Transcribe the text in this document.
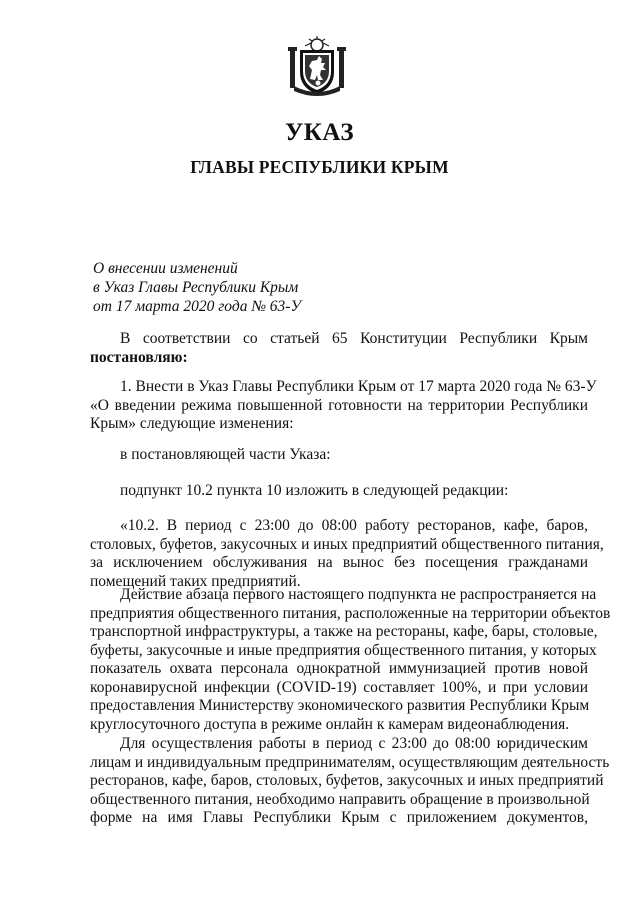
УКАЗ
ГЛАВЫ РЕСПУБЛИКИ КРЫМ
О внесении изменений
в Указ Главы Республики Крым
от 17 марта 2020 года № 63-У
В соответствии со статьей 65 Конституции Республики Крым
постановляю:
1. Внести в Указ Главы Республики Крым от 17 марта 2020 года № 63-У
«О введении режима повышенной готовности на территории Республики
Крым» следующие изменения:
в постановляющей части Указа:
подпункт 10.2 пункта 10 изложить в следующей редакции:
«10.2. В период с 23:00 до 08:00 работу ресторанов, кафе, баров,
столовых, буфетов, закусочных и иных предприятий общественного питания,
за исключением обслуживания на вынос без посещения гражданами
помещений таких предприятий.
Действие абзаца первого настоящего подпункта не распространяется на
предприятия общественного питания, расположенные на территории объектов
транспортной инфраструктуры, а также на рестораны, кафе, бары, столовые,
буфеты, закусочные и иные предприятия общественного питания, у которых
показатель охвата персонала однократной иммунизацией против новой
коронавирусной инфекции (COVID-19) составляет 100%, и при условии
предоставления Министерству экономического развития Республики Крым
круглосуточного доступа в режиме онлайн к камерам видеонаблюдения.
Для осуществления работы в период с 23:00 до 08:00 юридическим
лицам и индивидуальным предпринимателям, осуществляющим деятельность
ресторанов, кафе, баров, столовых, буфетов, закусочных и иных предприятий
общественного питания, необходимо направить обращение в произвольной
форме на имя Главы Республики Крым с приложением документов,
